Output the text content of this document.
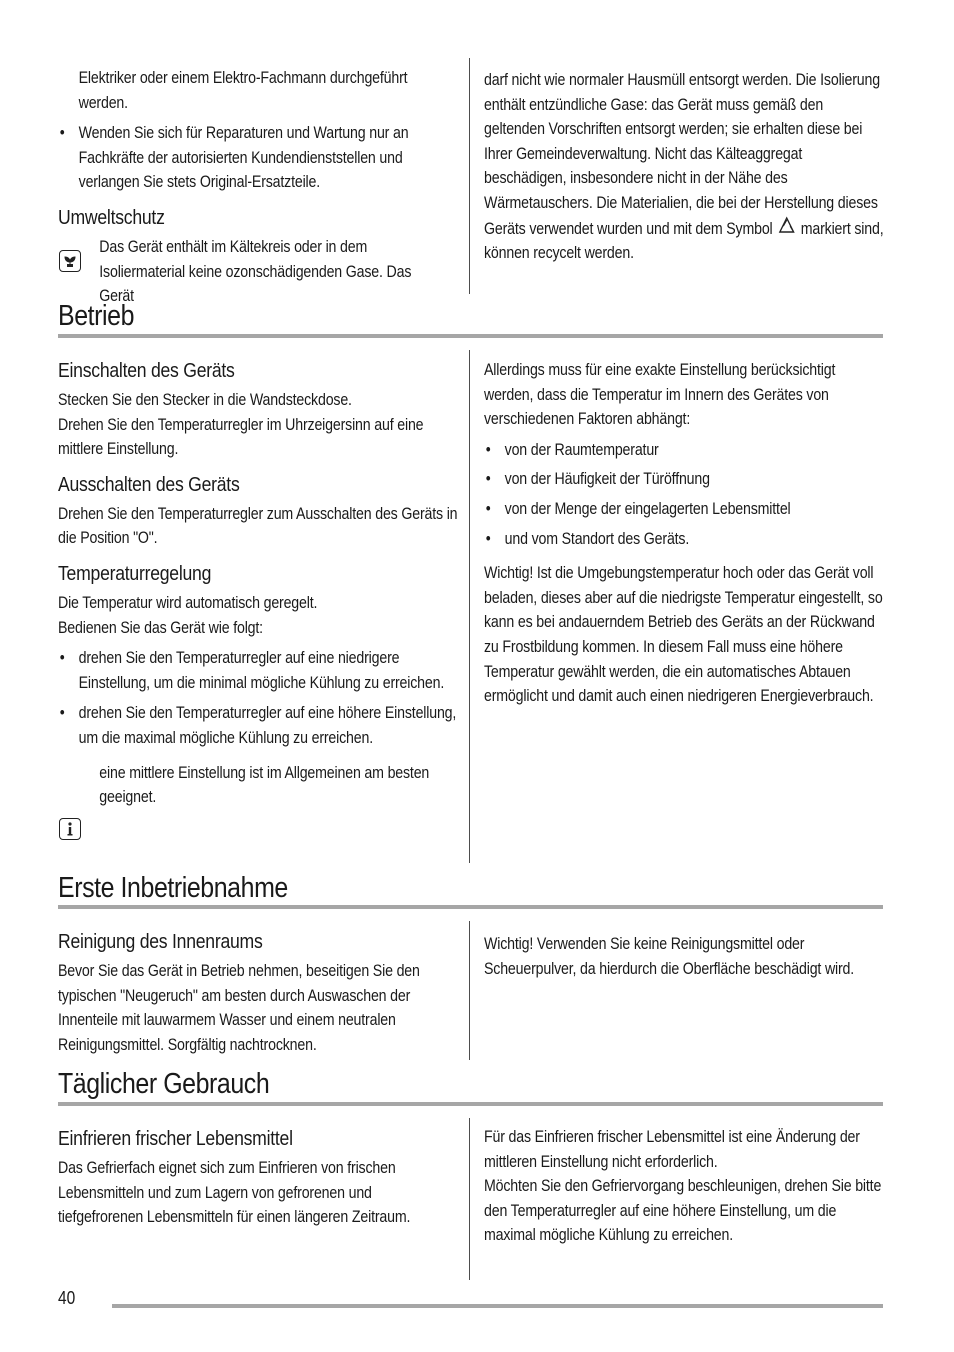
Elektriker oder einem Elektro-Fachmann durchgeführt werden.

• Wenden Sie sich für Reparaturen und Wartung nur an Fachkräfte der autorisierten Kundendienststellen und verlangen Sie stets Original-Ersatzteile.

Umweltschutz

Das Gerät enthält im Kältekreis oder in dem Isoliermaterial keine ozonschädigenden Gase. Das Gerät

darf nicht wie normaler Hausmüll entsorgt werden. Die Isolierung enthält entzündliche Gase: das Gerät muss gemäß den geltenden Vorschriften entsorgt werden; sie erhalten diese bei Ihrer Gemeindeverwaltung. Nicht das Kälteaggregat beschädigen, insbesondere nicht in der Nähe des Wärmetauschers. Die Materialien, die bei der Herstellung dieses Geräts verwendet wurden und mit dem Symbol markiert sind, können recycelt werden.

Betrieb

Einschalten des Geräts

Stecken Sie den Stecker in die Wandsteckdose.

Drehen Sie den Temperaturregler im Uhrzeigersinn auf eine mittlere Einstellung.

Ausschalten des Geräts

Drehen Sie den Temperaturregler zum Ausschalten des Geräts in die Position "O".

Temperaturregelung

Die Temperatur wird automatisch geregelt.

Bedienen Sie das Gerät wie folgt:

• drehen Sie den Temperaturregler auf eine niedrigere Einstellung, um die minimal mögliche Kühlung zu erreichen.
• drehen Sie den Temperaturregler auf eine höhere Einstellung, um die maximal mögliche Kühlung zu erreichen.

eine mittlere Einstellung ist im Allgemeinen am besten geeignet.

Allerdings muss für eine exakte Einstellung berücksichtigt werden, dass die Temperatur im Innern des Gerätes von verschiedenen Faktoren abhängt:

• von der Raumtemperatur
• von der Häufigkeit der Türöffnung
• von der Menge der eingelagerten Lebensmittel
• und vom Standort des Geräts.

Wichtig! Ist die Umgebungstemperatur hoch oder das Gerät voll beladen, dieses aber auf die niedrigste Temperatur eingestellt, so kann es bei andauerndem Betrieb des Geräts an der Rückwand zu Frostbildung kommen. In diesem Fall muss eine höhere Temperatur gewählt werden, die ein automatisches Abtauen ermöglicht und damit auch einen niedrigeren Energieverbrauch.

Erste Inbetriebnahme

Reinigung des Innenraums

Bevor Sie das Gerät in Betrieb nehmen, beseitigen Sie den typischen "Neugeruch" am besten durch Auswaschen der Innenteile mit lauwarmem Wasser und einem neutralen Reinigungsmittel. Sorgfältig nachtrocknen.

Wichtig! Verwenden Sie keine Reinigungsmittel oder Scheuerpulver, da hierdurch die Oberfläche beschädigt wird.

Täglicher Gebrauch

Einfrieren frischer Lebensmittel

Das Gefrierfach eignet sich zum Einfrieren von frischen Lebensmitteln und zum Lagern von gefrorenen und tiefgefrorenen Lebensmitteln für einen längeren Zeitraum.

Für das Einfrieren frischer Lebensmittel ist eine Änderung der mittleren Einstellung nicht erforderlich.

Möchten Sie den Gefriervorgang beschleunigen, drehen Sie bitte den Temperaturregler auf eine höhere Einstellung, um die maximal mögliche Kühlung zu erreichen.

40
